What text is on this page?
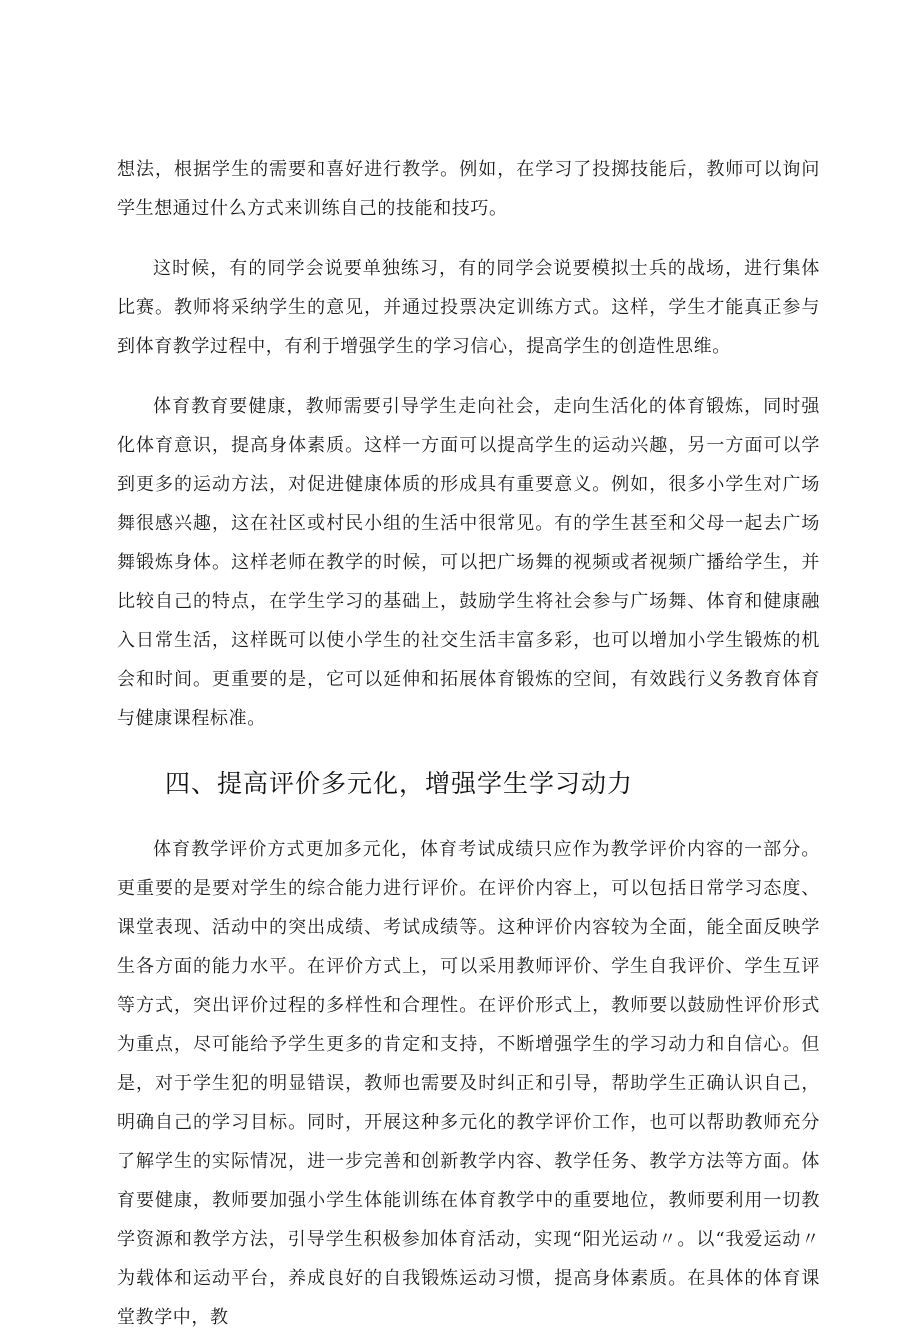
想法，根据学生的需要和喜好进行教学。例如，在学习了投掷技能后，教师可以询问学生想通过什么方式来训练自己的技能和技巧。

这时候，有的同学会说要单独练习，有的同学会说要模拟士兵的战场，进行集体比赛。教师将采纳学生的意见，并通过投票决定训练方式。这样，学生才能真正参与到体育教学过程中，有利于增强学生的学习信心，提高学生的创造性思维。

体育教育要健康，教师需要引导学生走向社会，走向生活化的体育锻炼，同时强化体育意识，提高身体素质。这样一方面可以提高学生的运动兴趣，另一方面可以学到更多的运动方法，对促进健康体质的形成具有重要意义。例如，很多小学生对广场舞很感兴趣，这在社区或村民小组的生活中很常见。有的学生甚至和父母一起去广场舞锻炼身体。这样老师在教学的时候，可以把广场舞的视频或者视频广播给学生，并比较自己的特点，在学生学习的基础上，鼓励学生将社会参与广场舞、体育和健康融入日常生活，这样既可以使小学生的社交生活丰富多彩，也可以增加小学生锻炼的机会和时间。更重要的是，它可以延伸和拓展体育锻炼的空间，有效践行义务教育体育与健康课程标准。

四、提高评价多元化，增强学生学习动力

体育教学评价方式更加多元化，体育考试成绩只应作为教学评价内容的一部分。更重要的是要对学生的综合能力进行评价。在评价内容上，可以包括日常学习态度、课堂表现、活动中的突出成绩、考试成绩等。这种评价内容较为全面，能全面反映学生各方面的能力水平。在评价方式上，可以采用教师评价、学生自我评价、学生互评等方式，突出评价过程的多样性和合理性。在评价形式上，教师要以鼓励性评价形式为重点，尽可能给予学生更多的肯定和支持，不断增强学生的学习动力和自信心。但是，对于学生犯的明显错误，教师也需要及时纠正和引导，帮助学生正确认识自己，明确自己的学习目标。同时，开展这种多元化的教学评价工作，也可以帮助教师充分了解学生的实际情况，进一步完善和创新教学内容、教学任务、教学方法等方面。体育要健康，教师要加强小学生体能训练在体育教学中的重要地位，教师要利用一切教学资源和教学方法，引导学生积极参加体育活动，实现“阳光运动〃。以“我爱运动〃为载体和运动平台，养成良好的自我锻炼运动习惯，提高身体素质。在具体的体育课堂教学中，教
